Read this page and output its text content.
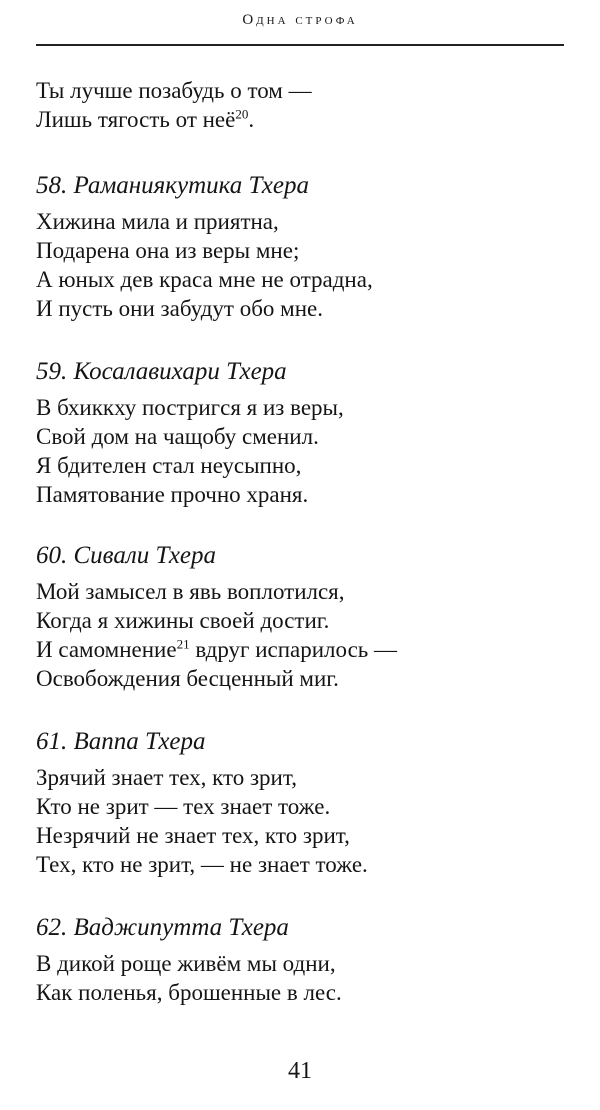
Одна строфа
Ты лучше позабудь о том —
Лишь тягость от неё$^{20}$.
58. Раманиякутика Тхера
Хижина мила и приятна,
Подарена она из веры мне;
А юных дев краса мне не отрадна,
И пусть они забудут обо мне.
59. Косалавихари Тхера
В бхиккху постригся я из веры,
Свой дом на чащобу сменил.
Я бдителен стал неусыпно,
Памятование прочно храня.
60. Сивали Тхера
Мой замысел в явь воплотился,
Когда я хижины своей достиг.
И самомнение$^{21}$ вдруг испарилось —
Освобождения бесценный миг.
61. Ваппа Тхера
Зрячий знает тех, кто зрит,
Кто не зрит — тех знает тоже.
Незрячий не знает тех, кто зрит,
Тех, кто не зрит, — не знает тоже.
62. Ваджипутта Тхера
В дикой роще живём мы одни,
Как поленья, брошенные в лес.
41
